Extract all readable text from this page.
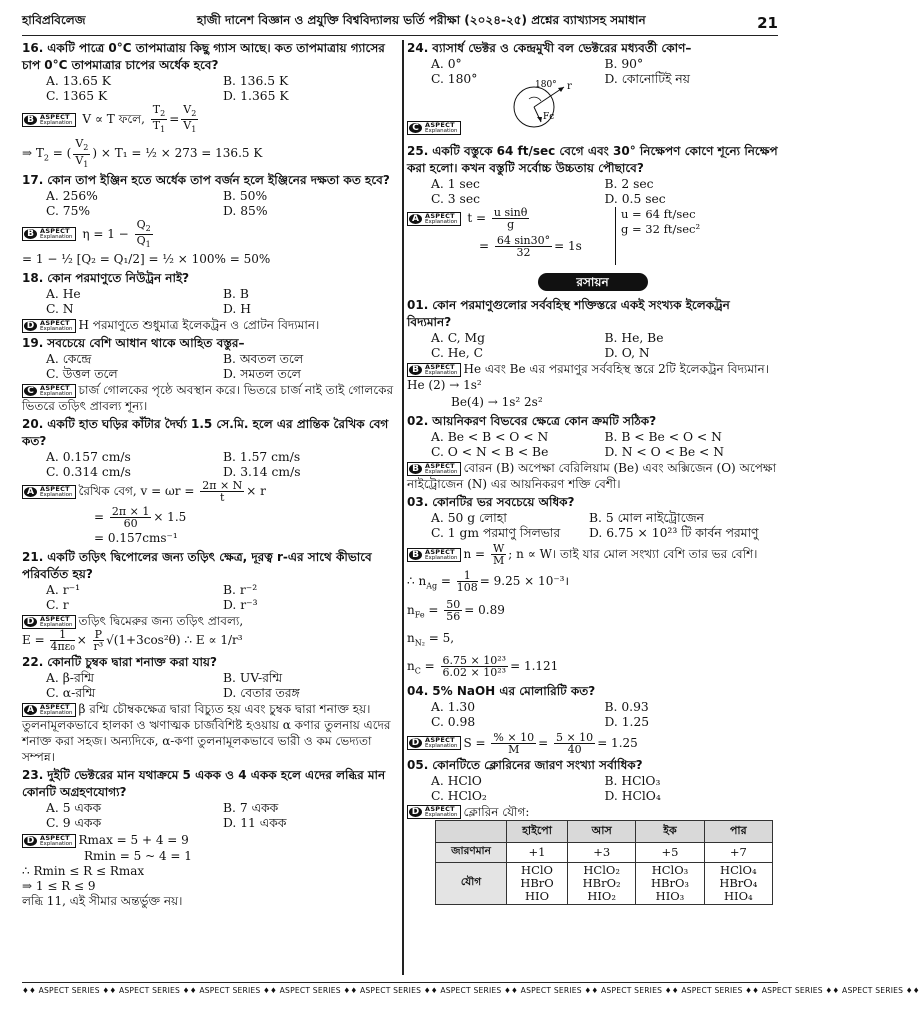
হাবিপ্রবিলেজ	হাজী দানেশ বিজ্ঞান ও প্রযুক্তি বিশ্ববিদ্যালয় ভর্তি পরীক্ষা (২০২৪-২৫) প্রশ্নের ব্যাখ্যাসহ সমাধান	21
16. একটি পাত্রে 0°C তাপমাত্রায় কিছু গ্যাস আছে। কত তাপমাত্রায় গ্যাসের চাপ 0°C তাপমাত্রার চাপের অর্ধেক হবে?
A. 13.65 K	B. 136.5 K
C. 1365 K	D. 1.365 K
B ASPECT
Explanation V ∝ T ফলে, $\frac{T_2}{T_1} = \frac{V_2}{V_1}$
⇒ $T_2$ = ( $\frac{V_2}{V_1}$ ) × T₁ = ½ × 273 = 136.5 K
17. কোন তাপ ইঞ্জিন হতে অর্ধেক তাপ বর্জন হলে ইঞ্জিনের দক্ষতা কত হবে?
A. 256%	B. 50%
C. 75%	D. 85%
B ASPECT
Explanation $\eta = 1 - \frac{Q_2}{Q_1}$
= 1 − ½ [Q₂ = Q₁/2] = ½ × 100% = 50%
18. কোন পরমাণুতে নিউট্রন নাই?
A. He	B. B
C. N	D. H
D ASPECT
Explanation H পরমাণুতে শুধুমাত্র ইলেকট্রন ও প্রোটন বিদ্যমান।
19. সবচেয়ে বেশি আধান থাকে আহিত বস্তুর–
A. কেন্দ্রে	B. অবতল তলে
C. উত্তল তলে	D. সমতল তলে
C ASPECT
Explanation চার্জ গোলকের পৃষ্ঠে অবস্থান করে। ভিতরে চার্জ নাই তাই গোলকের ভিতরে তড়িৎ প্রাবল্য শূন্য।
20. একটি হাত ঘড়ির কাঁটার দৈর্ঘ্য 1.5 সে.মি. হলে এর প্রান্তিক রৈখিক বেগ কত?
A. 0.157 cm/s	B. 1.57 cm/s
C. 0.314 cm/s	D. 3.14 cm/s
A ASPECT
Explanation রৈখিক বেগ, $v = \omega r = \frac{2\pi \times N}{t} \times r$
= $\frac{2\pi \times 1}{60} \times 1.5$
= 0.157cms⁻¹
21. একটি তড়িৎ দ্বিপোলের জন্য তড়িৎ ক্ষেত্র, দূরত্ব r-এর সাথে কীভাবে পরিবর্তিত হয়?
A. r⁻¹	B. r⁻²
C. r	D. r⁻³
D ASPECT
Explanation তড়িৎ দ্বিমেরুর জন্য তড়িৎ প্রাবল্য,
$E = \frac{1}{\text{4πε₀}} \times \frac{P}{\text{r³}} √(1+3\cos^2\theta)$ ∴ E ∝ 1/r³
22. কোনটি চুম্বক দ্বারা শনাক্ত করা যায়?
A. β-রশ্মি	B. UV-রশ্মি
C. α-রশ্মি	D. বেতার তরঙ্গ
A ASPECT
Explanation β রশ্মি চৌম্বকক্ষেত্র দ্বারা বিচ্যুত হয় এবং চুম্বক দ্বারা শনাক্ত হয়। তুলনামূলকভাবে হালকা ও ঋণাত্মক চার্জবিশিষ্ট হওয়ায় α কণার তুলনায় এদের শনাক্ত করা সহজ। অন্যদিকে, α-কণা তুলনামূলকভাবে ভারী ও কম ভেদ্যতা সম্পন্ন।
23. দুইটি ভেক্টরের মান যথাক্রমে 5 একক ও 4 একক হলে এদের লব্ধির মান কোনটি অগ্রহণযোগ্য?
A. 5 একক	B. 7 একক
C. 9 একক	D. 11 একক
D ASPECT
Explanation Rmax = 5 + 4 = 9
Rmin = 5 ~ 4 = 1
∴ Rmin ≤ R ≤ Rmax
⇒ 1 ≤ R ≤ 9
লব্ধি 11, এই সীমার অন্তর্ভুক্ত নয়।
24. ব্যাসার্ধ ভেক্টর ও কেন্দ্রমুখী বল ভেক্টরের মধ্যবর্তী কোণ–
A. 0°	B. 90°
C. 180°	D. কোনোটিই নয়
180° r
Fc
C ASPECT
Explanation
25. একটি বস্তুকে 64 ft/sec বেগে এবং 30° নিক্ষেপণ কোণে শূন্যে নিক্ষেপ করা হলো। কখন বস্তুটি সর্বোচ্চ উচ্চতায় পৌছাবে?
A. 1 sec	B. 2 sec
C. 3 sec	D. 0.5 sec
A ASPECT
Explanation $t = \frac{\text{u sinθ}}{g}$
= $\frac{64 \sin 30^\circ}{32} = 1s$
u = 64 ft/sec
g = 32 ft/sec²
রসায়ন
01. কোন পরমাণুগুলোর সর্ববহিস্থ শক্তিস্তরে একই সংখ্যক ইলেকট্রন বিদ্যমান?
A. C, Mg	B. He, Be
C. He, C	D. O, N
B ASPECT
Explanation He এবং Be এর পরমাণুর সর্ববহিস্থ স্তরে 2টি ইলেকট্রন বিদ্যমান। He (2) → 1s²
Be(4) → 1s² 2s²
02. আয়নিকরণ বিভবের ক্ষেত্রে কোন ক্রমটি সঠিক?
A. Be < B < O < N	B. B < Be < O < N
C. O < N < B < Be	D. N < O < Be < N
B ASPECT
Explanation বোরন (B) অপেক্ষা বেরিলিয়াম (Be) এবং অক্সিজেন (O) অপেক্ষা নাইট্রোজেন (N) এর আয়নিকরণ শক্তি বেশী।
03. কোনটির ভর সবচেয়ে অধিক?
A. 50 g লোহা	B. 5 মোল নাইট্রোজেন
C. 1 gm পরমাণু সিলভার	D. 6.75 × 10²³ টি কার্বন পরমাণু
B ASPECT
Explanation $n = \frac{W}{M}$ ; n ∝ W। তাই যার মোল সংখ্যা বেশি তার ভর বেশি।
∴ $n_{Ag} = \frac{1}{108} = 9.25$ × 10⁻³।
$n_{Fe} = \frac{50}{56} = 0.89$
$n_{N_2} = 5$,
$n_C = \frac{\text{6.75 × 10²³}}{\text{6.02 × 10²³}} = 1.121$
04. 5% NaOH এর মোলারিটি কত?
A. 1.30	B. 0.93
C. 0.98	D. 1.25
D ASPECT
Explanation $S = \frac{\% \times 10}{M} = \frac{5 \times 10}{40} = 1.25$
05. কোনটিতে ক্লোরিনের জারণ সংখ্যা সর্বাধিক?
A. HClO	B. HClO₃
C. HClO₂	D. HClO₄
D ASPECT
Explanation ক্লোরিন যৌগ:
	হাইপো	আস	ইক	পার
জারণমান	+1	+3	+5	+7
যৌগ	HClO
HBrO
HIO	HClO₂
HBrO₂
HIO₂	HClO₃
HBrO₃
HIO₃	HClO₄
HBrO₄
HIO₄
♦♦ ASPECT SERIES ♦♦ ASPECT SERIES ♦♦ ASPECT SERIES ♦♦ ASPECT SERIES ♦♦ ASPECT SERIES ♦♦ ASPECT SERIES ♦♦ ASPECT SERIES ♦♦ ASPECT SERIES ♦♦ ASPECT SERIES ♦♦ ASPECT SERIES ♦♦ ASPECT SERIES ♦♦
